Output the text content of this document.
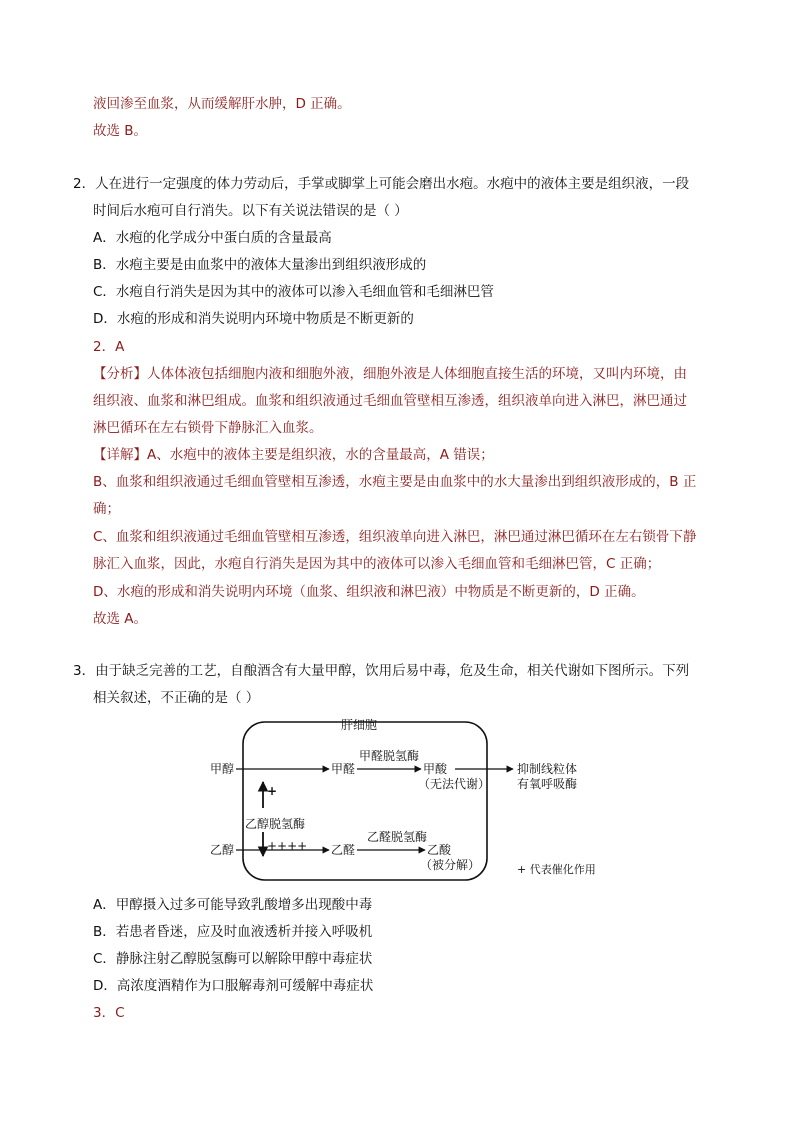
液回渗至血浆，从而缓解肝水肿，D 正确。
故选 B。
2．人在进行一定强度的体力劳动后，手掌或脚掌上可能会磨出水疱。水疱中的液体主要是组织液，一段
时间后水疱可自行消失。以下有关说法错误的是（ ）
A．水疱的化学成分中蛋白质的含量最高
B．水疱主要是由血浆中的液体大量渗出到组织液形成的
C．水疱自行消失是因为其中的液体可以渗入毛细血管和毛细淋巴管
D．水疱的形成和消失说明内环境中物质是不断更新的
2．A
【分析】人体体液包括细胞内液和细胞外液，细胞外液是人体细胞直接生活的环境，又叫内环境，由
组织液、血浆和淋巴组成。血浆和组织液通过毛细血管壁相互渗透，组织液单向进入淋巴，淋巴通过
淋巴循环在左右锁骨下静脉汇入血浆。
【详解】A、水疱中的液体主要是组织液，水的含量最高，A 错误；
B、血浆和组织液通过毛细血管壁相互渗透，水疱主要是由血浆中的水大量渗出到组织液形成的，B 正
确；
C、血浆和组织液通过毛细血管壁相互渗透，组织液单向进入淋巴，淋巴通过淋巴循环在左右锁骨下静
脉汇入血浆，因此，水疱自行消失是因为其中的液体可以渗入毛细血管和毛细淋巴管，C 正确；
D、水疱的形成和消失说明内环境（血浆、组织液和淋巴液）中物质是不断更新的，D 正确。
故选 A。
3．由于缺乏完善的工艺，自酿酒含有大量甲醇，饮用后易中毒，危及生命，相关代谢如下图所示。下列
相关叙述，不正确的是（ ）
肝细胞
甲醇	甲醛
甲醛脱氢酶
甲酸
（无法代谢）
抑制线粒体
有氧呼吸酶
+
乙醇脱氢酶
++++
乙醇	乙醛
乙醛脱氢酶
乙酸
（被分解）	+ 代表催化作用
A．甲醇摄入过多可能导致乳酸增多出现酸中毒
B．若患者昏迷，应及时血液透析并接入呼吸机
C．静脉注射乙醇脱氢酶可以解除甲醇中毒症状
D．高浓度酒精作为口服解毒剂可缓解中毒症状
3．C
